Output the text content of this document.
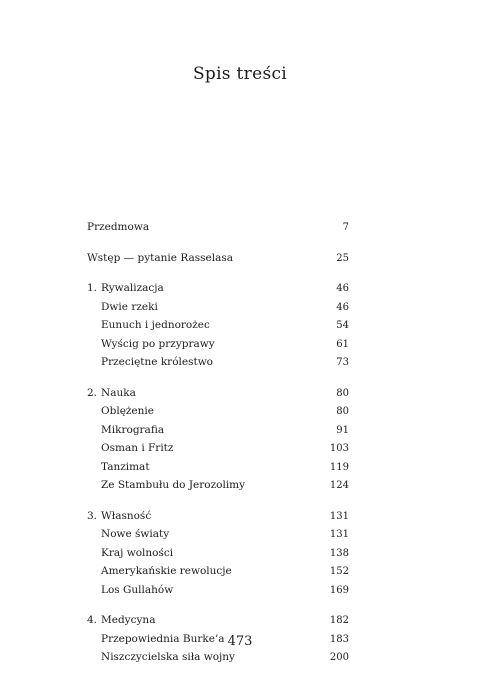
Spis treści
Przedmowa	7
Wstęp — pytanie Rasselasa	25
1. Rywalizacja	46
Dwie rzeki	46
Eunuch i jednorożec	54
Wyścig po przyprawy	61
Przeciętne królestwo	73
2. Nauka	80
Oblężenie	80
Mikrografia	91
Osman i Fritz	103
Tanzimat	119
Ze Stambułu do Jerozolimy	124
3. Własność	131
Nowe światy	131
Kraj wolności	138
Amerykańskie rewolucje	152
Los Gullahów	169
4. Medycyna	182
Przepowiednia Burke’a	183
Niszczycielska siła wojny	200
473
